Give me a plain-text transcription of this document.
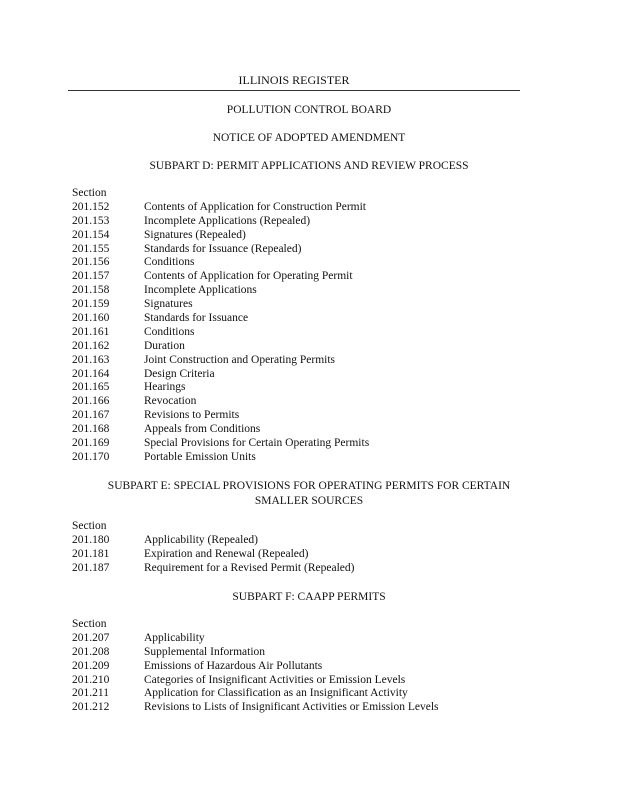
ILLINOIS REGISTER
POLLUTION CONTROL BOARD
NOTICE OF ADOPTED AMENDMENT
SUBPART D: PERMIT APPLICATIONS AND REVIEW PROCESS
Section
201.152	Contents of Application for Construction Permit
201.153	Incomplete Applications (Repealed)
201.154	Signatures (Repealed)
201.155	Standards for Issuance (Repealed)
201.156	Conditions
201.157	Contents of Application for Operating Permit
201.158	Incomplete Applications
201.159	Signatures
201.160	Standards for Issuance
201.161	Conditions
201.162	Duration
201.163	Joint Construction and Operating Permits
201.164	Design Criteria
201.165	Hearings
201.166	Revocation
201.167	Revisions to Permits
201.168	Appeals from Conditions
201.169	Special Provisions for Certain Operating Permits
201.170	Portable Emission Units
SUBPART E: SPECIAL PROVISIONS FOR OPERATING PERMITS FOR CERTAIN
SMALLER SOURCES
Section
201.180	Applicability (Repealed)
201.181	Expiration and Renewal (Repealed)
201.187	Requirement for a Revised Permit (Repealed)
SUBPART F: CAAPP PERMITS
Section
201.207	Applicability
201.208	Supplemental Information
201.209	Emissions of Hazardous Air Pollutants
201.210	Categories of Insignificant Activities or Emission Levels
201.211	Application for Classification as an Insignificant Activity
201.212	Revisions to Lists of Insignificant Activities or Emission Levels
